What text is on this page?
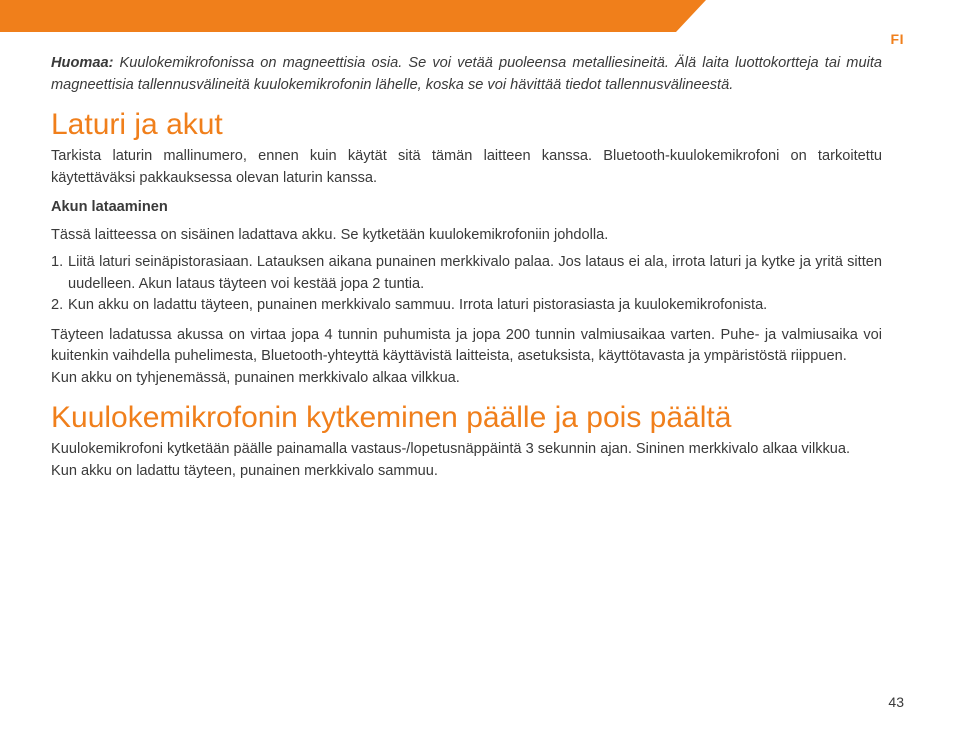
FI

Huomaa: Kuulokemikrofonissa on magneettisia osia. Se voi vetää puoleensa metalliesineitä. Älä laita luottokortteja tai muita magneettisia tallennusvälineitä kuulokemikrofonin lähelle, koska se voi hävittää tiedot tallennusvälineestä.

Laturi ja akut

Tarkista laturin mallinumero, ennen kuin käytät sitä tämän laitteen kanssa. Bluetooth-kuulokemikrofoni on tarkoitettu käytettäväksi pakkauksessa olevan laturin kanssa.

Akun lataaminen

Tässä laitteessa on sisäinen ladattava akku. Se kytketään kuulokemikrofoniin johdolla.

1. Liitä laturi seinäpistorasiaan. Latauksen aikana punainen merkkivalo palaa. Jos lataus ei ala, irrota laturi ja kytke ja yritä sitten uudelleen. Akun lataus täyteen voi kestää jopa 2 tuntia.
2. Kun akku on ladattu täyteen, punainen merkkivalo sammuu. Irrota laturi pistorasiasta ja kuulokemikrofonista.

Täyteen ladatussa akussa on virtaa jopa 4 tunnin puhumista ja jopa 200 tunnin valmiusaikaa varten. Puhe- ja valmiusaika voi kuitenkin vaihdella puhelimesta, Bluetooth-yhteyttä käyttävistä laitteista, asetuksista, käyttötavasta ja ympäristöstä riippuen.

Kun akku on tyhjenemässä, punainen merkkivalo alkaa vilkkua.

Kuulokemikrofonin kytkeminen päälle ja pois päältä

Kuulokemikrofoni kytketään päälle painamalla vastaus-/lopetusnäppäintä 3 sekunnin ajan. Sininen merkkivalo alkaa vilkkua.

Kun akku on ladattu täyteen, punainen merkkivalo sammuu.

43
